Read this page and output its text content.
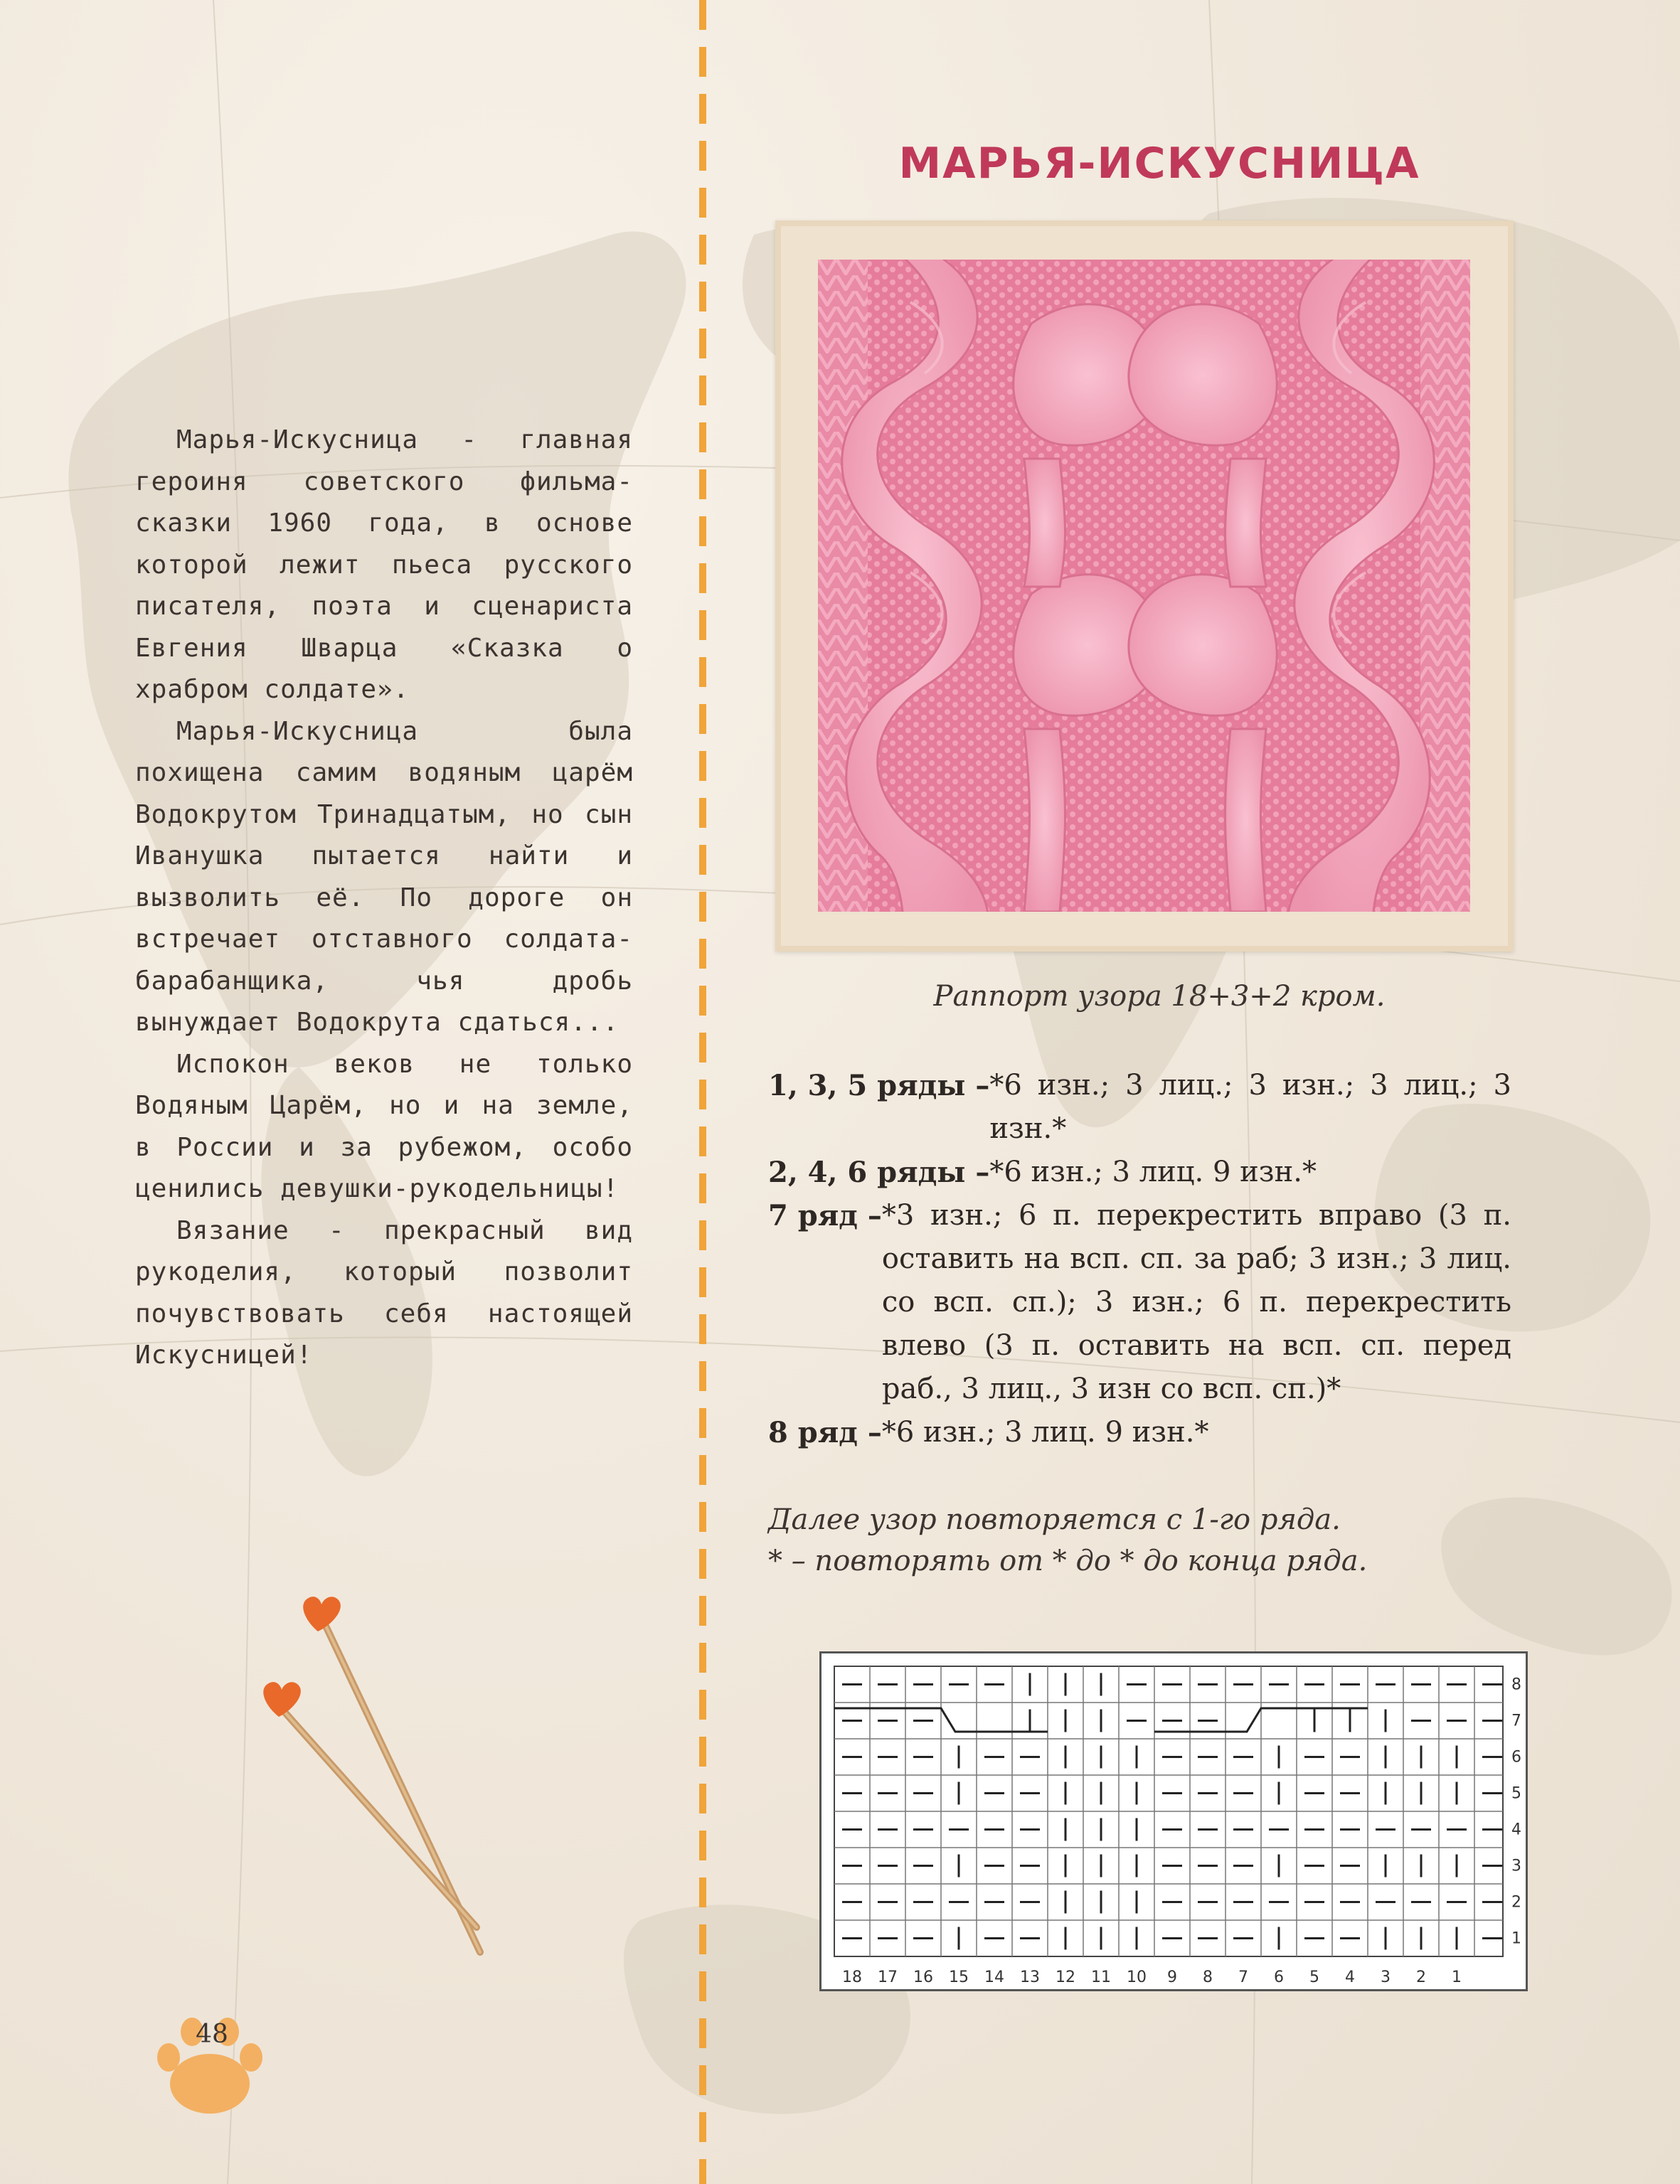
Марья-Искусница - главная героиня советского фильма-сказки 1960 года, в основе которой лежит пьеса русского писателя, поэта и сценариста Евгения Шварца «Сказка о храбром солдате».

Марья-Искусница была похищена самим водяным царём Водокрутом Тринадцатым, но сын Иванушка пытается найти и вызволить её. По дороге он встречает отставного солдата-барабанщика, чья дробь вынуждает Водокрута сдаться...

Испокон веков не только Водяным Царём, но и на земле, в России и за рубежом, особо ценились девушки-рукодельницы!

Вязание - прекрасный вид рукоделия, который позволит почувствовать себя настоящей Искусницей!

48
МАРЬЯ-ИСКУСНИЦА
Раппорт узора 18+3+2 кром.
1, 3, 5 ряды – *6 изн.; 3 лиц.; 3 изн.; 3 лиц.; 3 изн.*
2, 4, 6 ряды – *6 изн.; 3 лиц. 9 изн.*
7 ряд – *3 изн.; 6 п. перекрестить вправо (3 п. оставить на всп. сп. за раб; 3 изн.; 3 лиц. со всп. сп.); 3 изн.; 6 п. перекрестить влево (3 п. оставить на всп. сп. перед раб., 3 лиц., 3 изн со всп. сп.)*
8 ряд – *6 изн.; 3 лиц. 9 изн.*
Далее узор повторяется с 1-го ряда.
* – повторять от * до * до конца ряда.
8
7
6
5
4
3
2
1
18 17 16 15 14 13 12 11 10 9 8 7 6 5 4 3 2 1
